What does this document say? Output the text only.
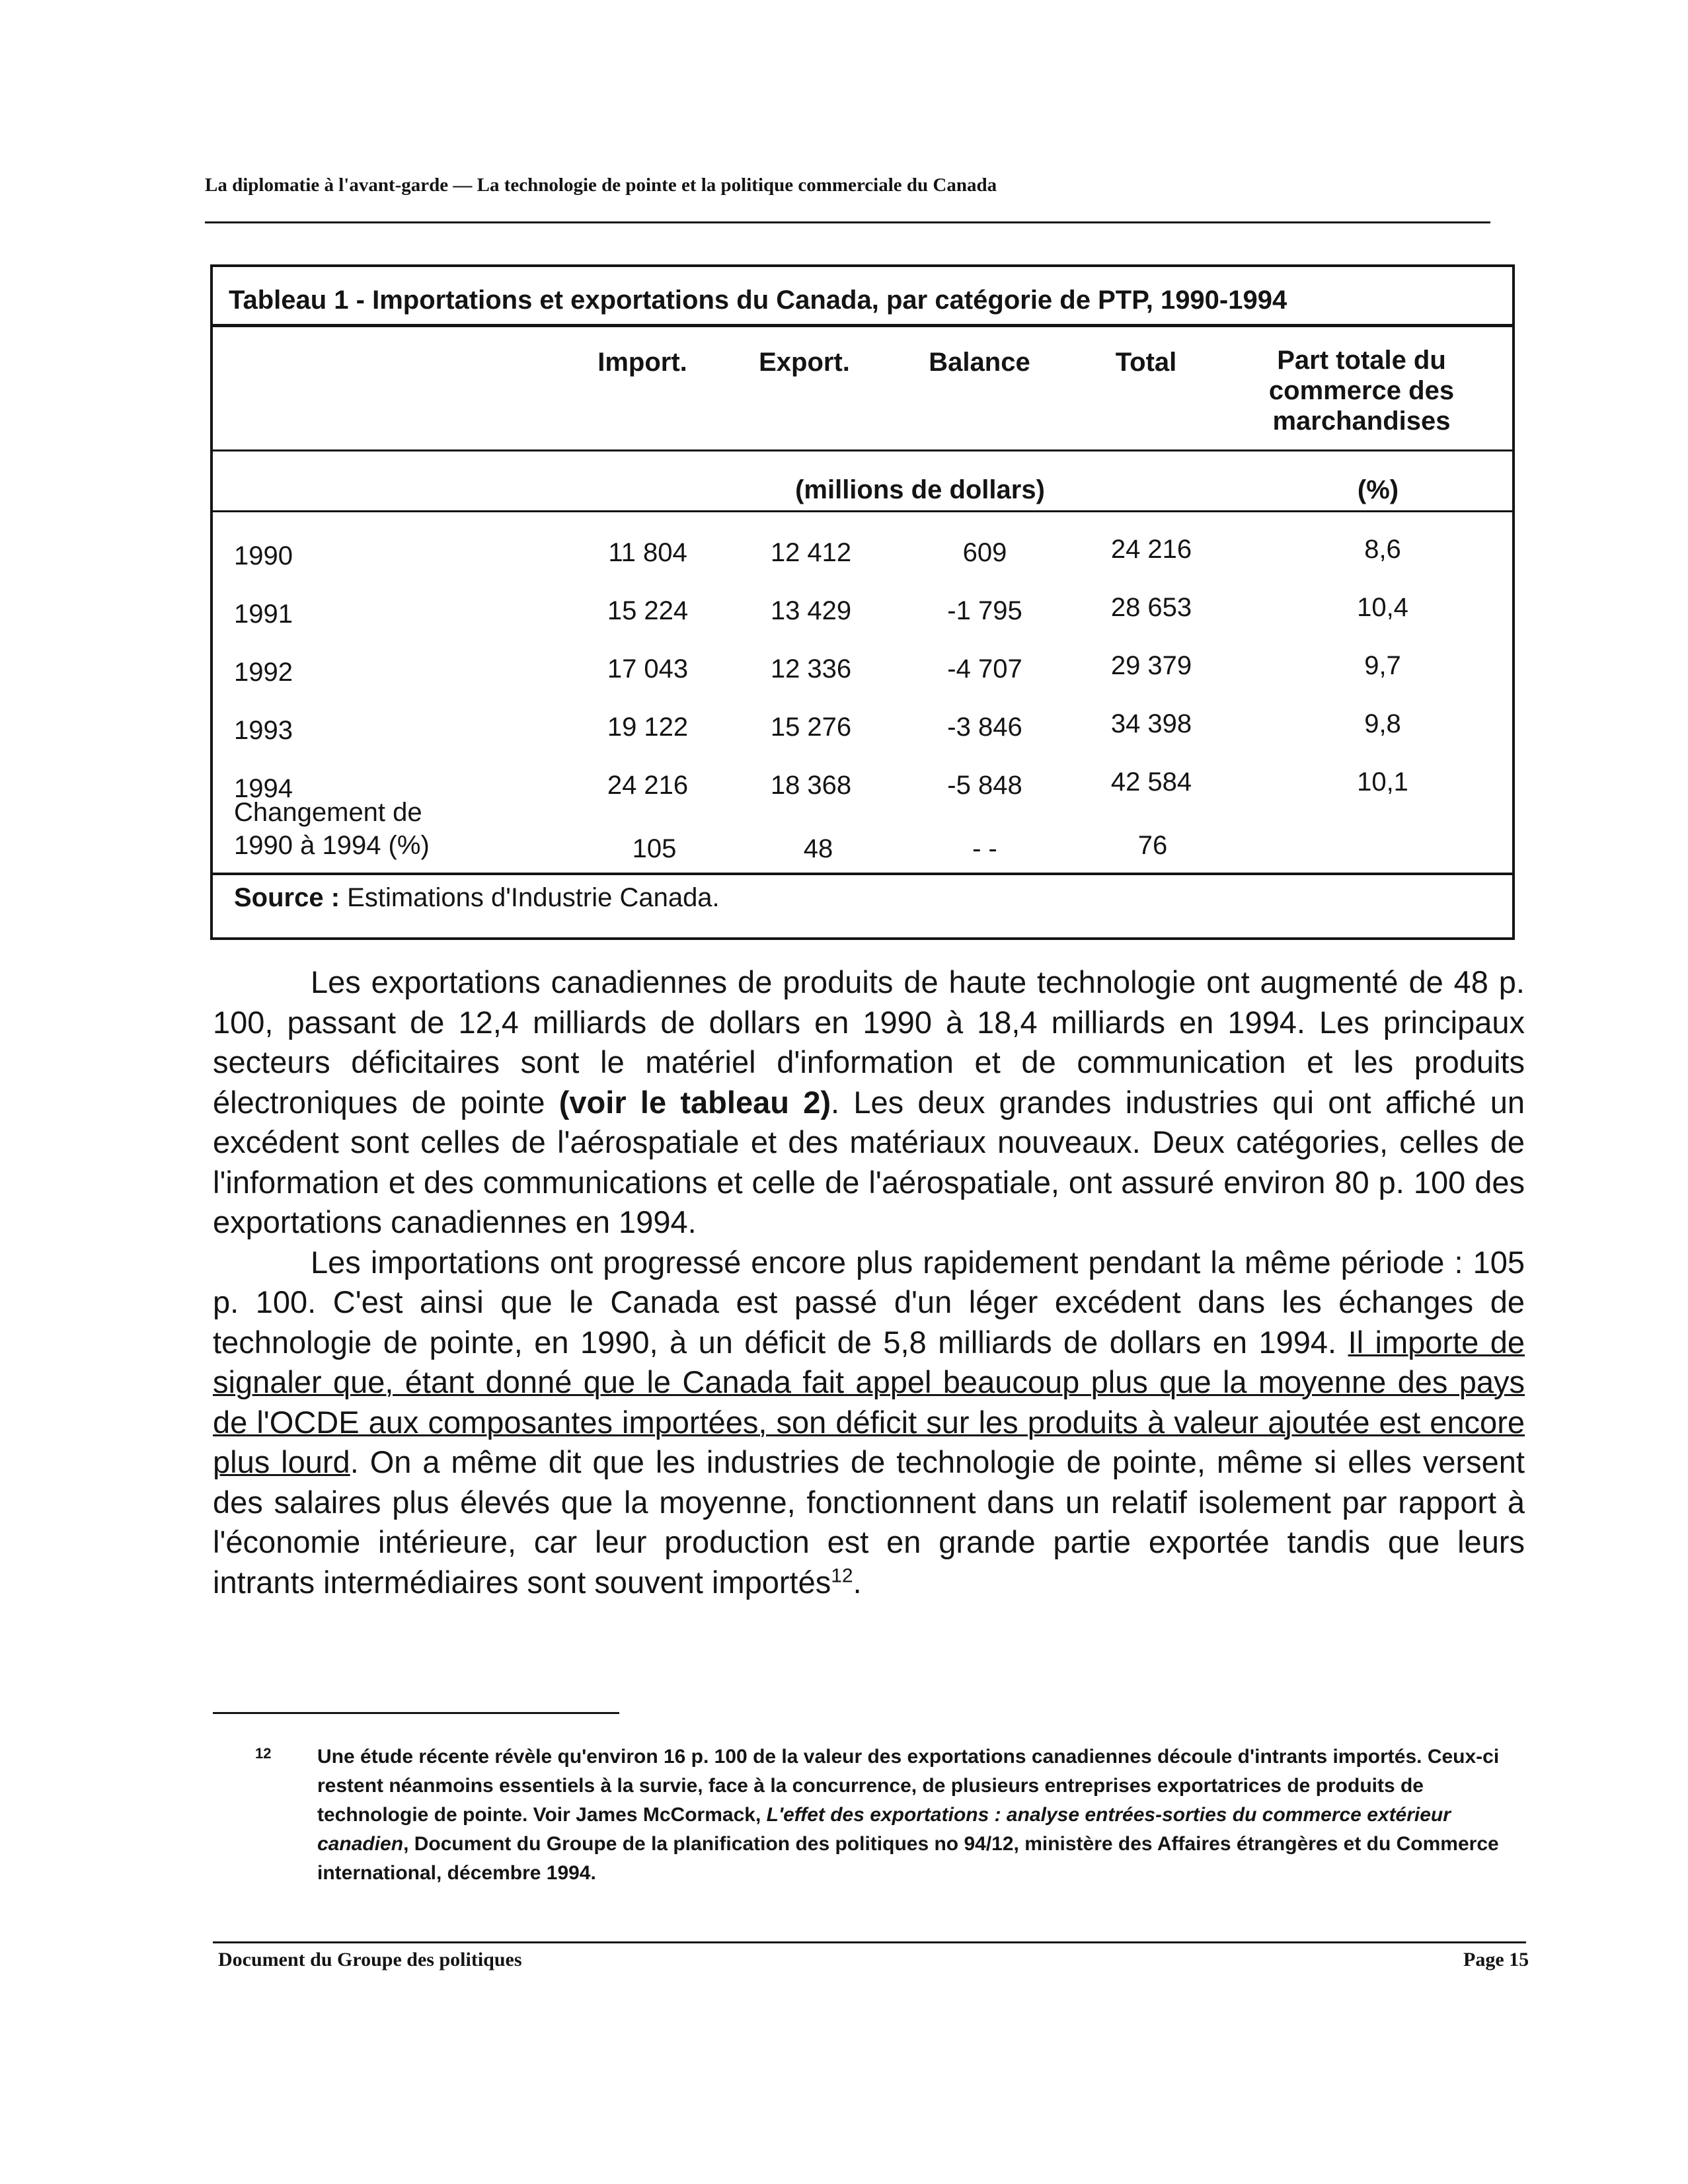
La diplomatie à l'avant-garde — La technologie de pointe et la politique commerciale du Canada
Tableau 1 - Importations et exportations du Canada, par catégorie de PTP, 1990-1994
Import.	Export.	Balance	Total	Part totale du commerce des marchandises
(millions de dollars)	(%)
1990	11 804	12 412	609	24 216	8,6
1991	15 224	13 429	-1 795	28 653	10,4
1992	17 043	12 336	-4 707	29 379	9,7
1993	19 122	15 276	-3 846	34 398	9,8
1994	24 216	18 368	-5 848	42 584	10,1
Changement de
1990 à 1994 (%)	105	48	- -	76
Source : Estimations d'Industrie Canada.

Les exportations canadiennes de produits de haute technologie ont augmenté de 48 p. 100, passant de 12,4 milliards de dollars en 1990 à 18,4 milliards en 1994. Les principaux secteurs déficitaires sont le matériel d'information et de communication et les produits électroniques de pointe (voir le tableau 2). Les deux grandes industries qui ont affiché un excédent sont celles de l'aérospatiale et des matériaux nouveaux. Deux catégories, celles de l'information et des communications et celle de l'aérospatiale, ont assuré environ 80 p. 100 des exportations canadiennes en 1994.

Les importations ont progressé encore plus rapidement pendant la même période : 105 p. 100. C'est ainsi que le Canada est passé d'un léger excédent dans les échanges de technologie de pointe, en 1990, à un déficit de 5,8 milliards de dollars en 1994. Il importe de signaler que, étant donné que le Canada fait appel beaucoup plus que la moyenne des pays de l'OCDE aux composantes importées, son déficit sur les produits à valeur ajoutée est encore plus lourd. On a même dit que les industries de technologie de pointe, même si elles versent des salaires plus élevés que la moyenne, fonctionnent dans un relatif isolement par rapport à l'économie intérieure, car leur production est en grande partie exportée tandis que leurs intrants intermédiaires sont souvent importés$^{12}$.

12 Une étude récente révèle qu'environ 16 p. 100 de la valeur des exportations canadiennes découle d'intrants importés. Ceux-ci restent néanmoins essentiels à la survie, face à la concurrence, de plusieurs entreprises exportatrices de produits de technologie de pointe. Voir James McCormack, L'effet des exportations : analyse entrées-sorties du commerce extérieur canadien, Document du Groupe de la planification des politiques no 94/12, ministère des Affaires étrangères et du Commerce international, décembre 1994.
Document du Groupe des politiques	Page 15
